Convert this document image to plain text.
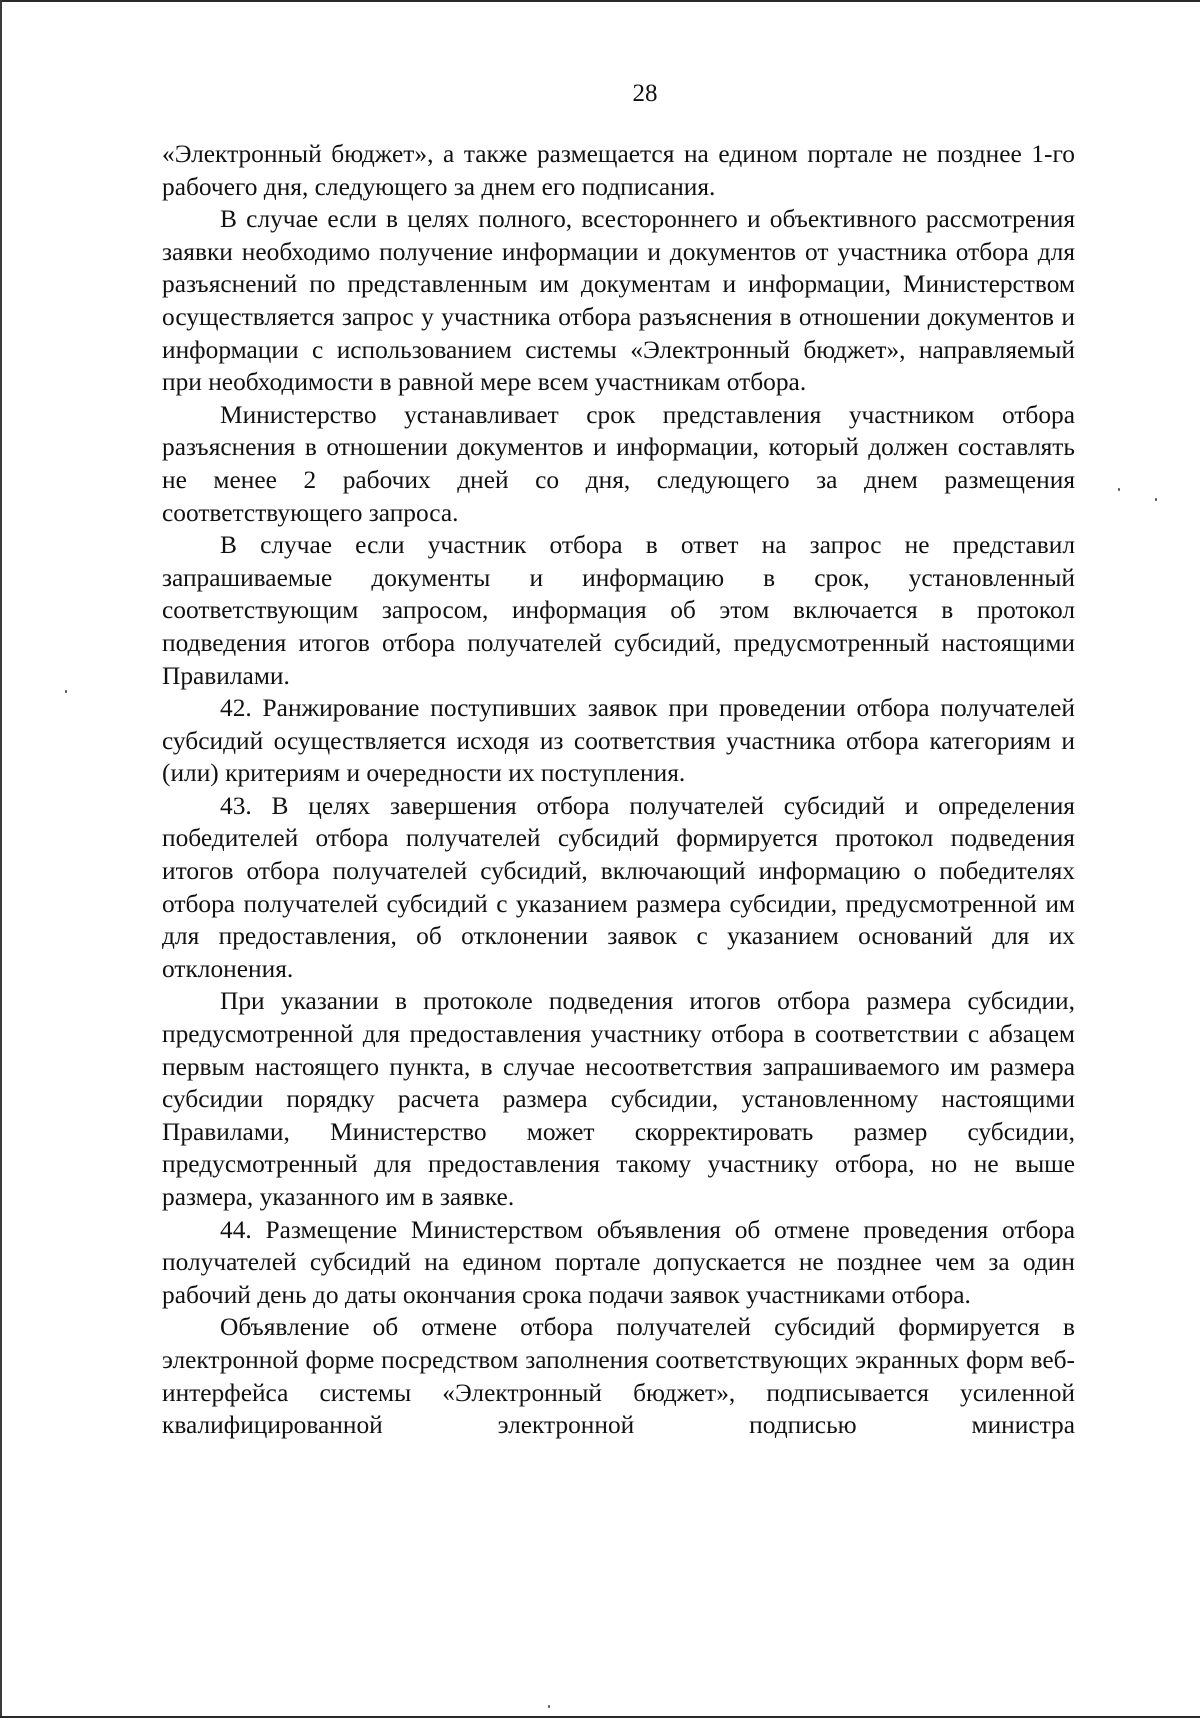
28

«Электронный бюджет», а также размещается на едином портале не позднее 1-го рабочего дня, следующего за днем его подписания.

В случае если в целях полного, всестороннего и объективного рассмотрения заявки необходимо получение информации и документов от участника отбора для разъяснений по представленным им документам и информации, Министерством осуществляется запрос у участника отбора разъяснения в отношении документов и информации с использованием системы «Электронный бюджет», направляемый при необходимости в равной мере всем участникам отбора.

Министерство устанавливает срок представления участником отбора разъяснения в отношении документов и информации, который должен составлять не менее 2 рабочих дней со дня, следующего за днем размещения соответствующего запроса.

В случае если участник отбора в ответ на запрос не представил запрашиваемые документы и информацию в срок, установленный соответствующим запросом, информация об этом включается в протокол подведения итогов отбора получателей субсидий, предусмотренный настоящими Правилами.

42. Ранжирование поступивших заявок при проведении отбора получателей субсидий осуществляется исходя из соответствия участника отбора категориям и (или) критериям и очередности их поступления.

43. В целях завершения отбора получателей субсидий и определения победителей отбора получателей субсидий формируется протокол подведения итогов отбора получателей субсидий, включающий информацию о победителях отбора получателей субсидий с указанием размера субсидии, предусмотренной им для предоставления, об отклонении заявок с указанием оснований для их отклонения.

При указании в протоколе подведения итогов отбора размера субсидии, предусмотренной для предоставления участнику отбора в соответствии с абзацем первым настоящего пункта, в случае несоответствия запрашиваемого им размера субсидии порядку расчета размера субсидии, установленному настоящими Правилами, Министерство может скорректировать размер субсидии, предусмотренный для предоставления такому участнику отбора, но не выше размера, указанного им в заявке.

44. Размещение Министерством объявления об отмене проведения отбора получателей субсидий на едином портале допускается не позднее чем за один рабочий день до даты окончания срока подачи заявок участниками отбора.

Объявление об отмене отбора получателей субсидий формируется в электронной форме посредством заполнения соответствующих экранных форм веб-интерфейса системы «Электронный бюджет», подписывается усиленной квалифицированной электронной подписью министра
